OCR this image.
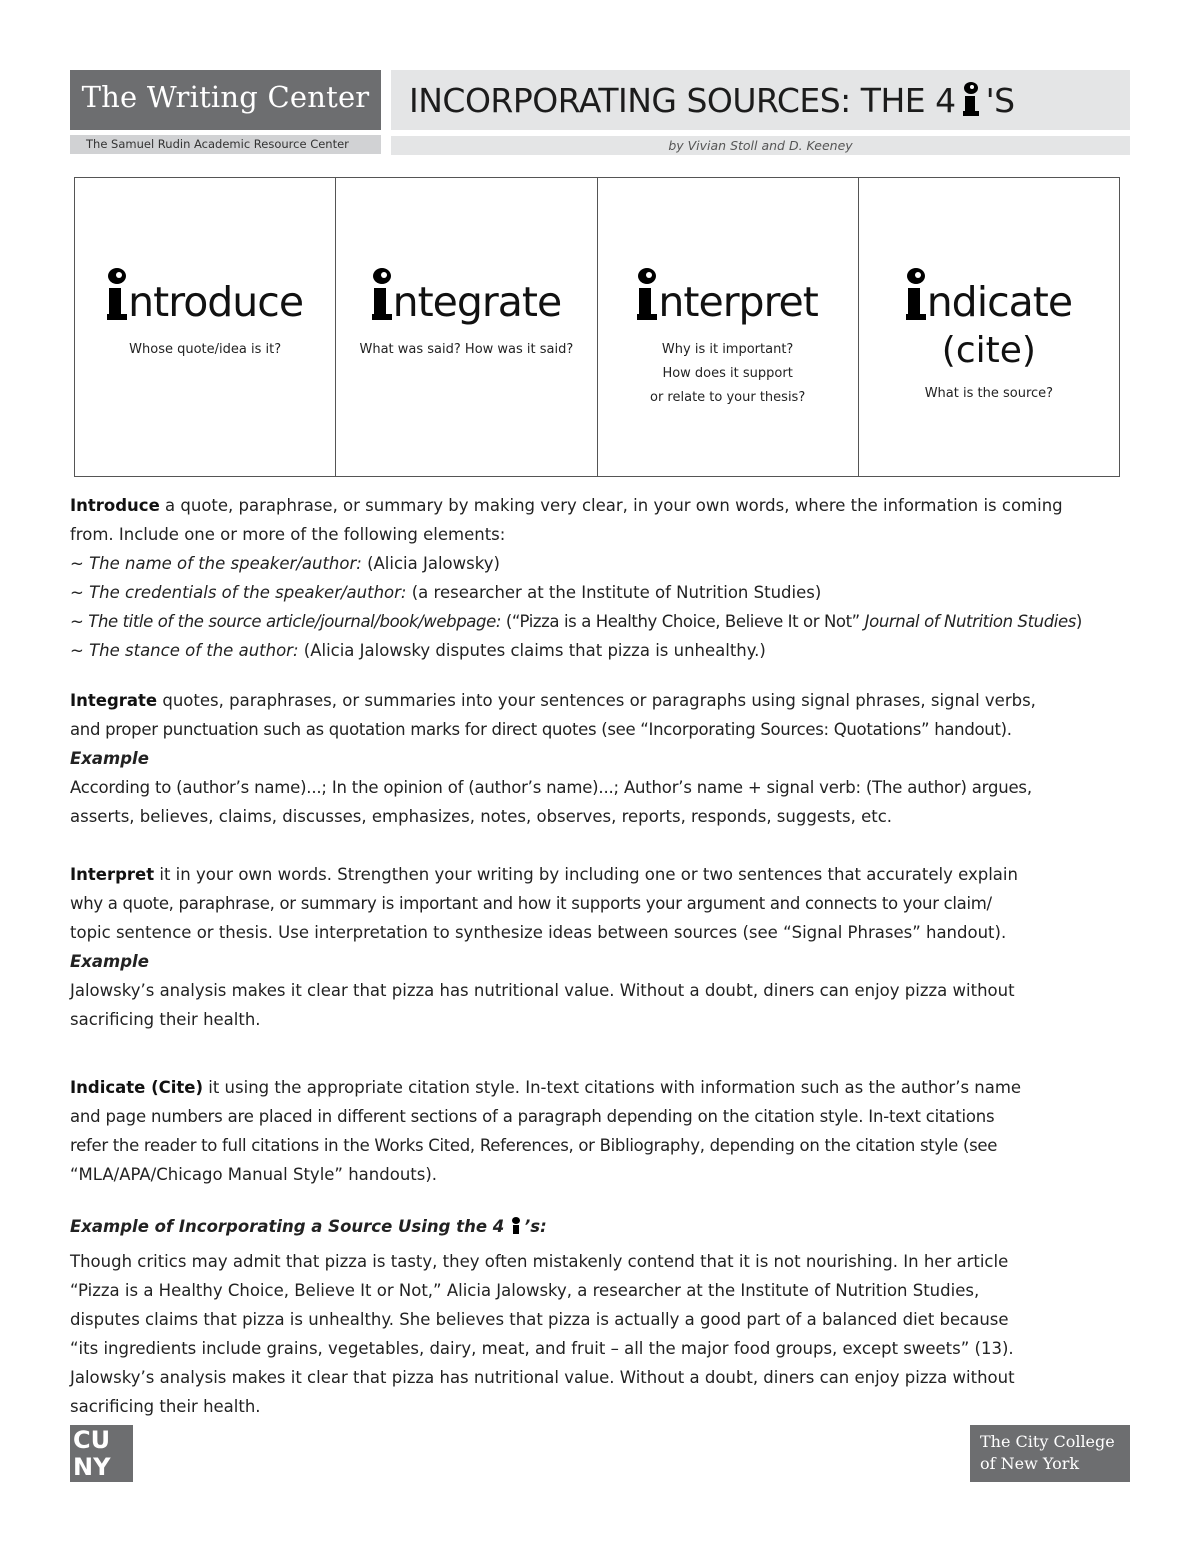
The Writing Center
The Samuel Rudin Academic Resource Center
INCORPORATING SOURCES: THE 4 'S
by Vivian Stoll and D. Keeney
ntroduce
Whose quote/idea is it?
ntegrate
What was said? How was it said?
nterpret
Why is it important?
How does it support
or relate to your thesis?
ndicate
(cite)
What is the source?

Introduce a quote, paraphrase, or summary by making very clear, in your own words, where the information is coming

from. Include one or more of the following elements:

~ The name of the speaker/author: (Alicia Jalowsky)

~ The credentials of the speaker/author: (a researcher at the Institute of Nutrition Studies)

~ The title of the source article/journal/book/webpage: (“Pizza is a Healthy Choice, Believe It or Not” Journal of Nutrition Studies)

~ The stance of the author: (Alicia Jalowsky disputes claims that pizza is unhealthy.)

Integrate quotes, paraphrases, or summaries into your sentences or paragraphs using signal phrases, signal verbs,

and proper punctuation such as quotation marks for direct quotes (see “Incorporating Sources: Quotations” handout).

Example

According to (author’s name)...; In the opinion of (author’s name)...; Author’s name + signal verb: (The author) argues,

asserts, believes, claims, discusses, emphasizes, notes, observes, reports, responds, suggests, etc.

Interpret it in your own words. Strengthen your writing by including one or two sentences that accurately explain

why a quote, paraphrase, or summary is important and how it supports your argument and connects to your claim/

topic sentence or thesis. Use interpretation to synthesize ideas between sources (see “Signal Phrases” handout).

Example

Jalowsky’s analysis makes it clear that pizza has nutritional value. Without a doubt, diners can enjoy pizza without

sacrificing their health.

Indicate (Cite) it using the appropriate citation style. In-text citations with information such as the author’s name

and page numbers are placed in different sections of a paragraph depending on the citation style. In-text citations

refer the reader to full citations in the Works Cited, References, or Bibliography, depending on the citation style (see

“MLA/APA/Chicago Manual Style” handouts).

Example of Incorporating a Source Using the 4 ’s:

Though critics may admit that pizza is tasty, they often mistakenly contend that it is not nourishing. In her article

“Pizza is a Healthy Choice, Believe It or Not,” Alicia Jalowsky, a researcher at the Institute of Nutrition Studies,

disputes claims that pizza is unhealthy. She believes that pizza is actually a good part of a balanced diet because

“its ingredients include grains, vegetables, dairy, meat, and fruit – all the major food groups, except sweets” (13).

Jalowsky’s analysis makes it clear that pizza has nutritional value. Without a doubt, diners can enjoy pizza without

sacrificing their health.

CU
NY
The City College
of New York
